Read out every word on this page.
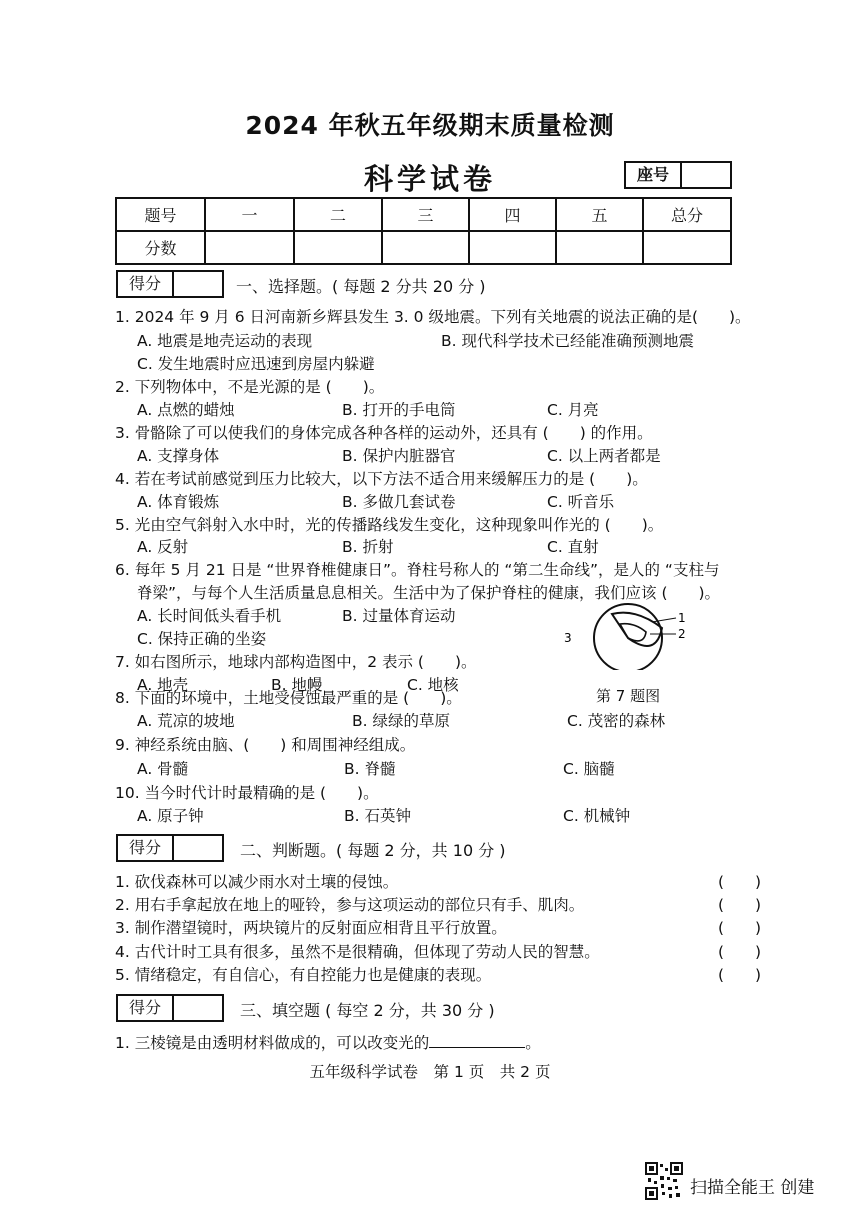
2024 年秋五年级期末质量检测
科学试卷	座号
题号	一	二	三	四	五	总分
分数						
得分	一、选择题。( 每题 2 分共 20 分 )
1. 2024 年 9 月 6 日河南新乡辉县发生 3. 0 级地震。下列有关地震的说法正确的是(　　)。
A. 地震是地壳运动的表现	B. 现代科学技术已经能准确预测地震
C. 发生地震时应迅速到房屋内躲避
2. 下列物体中，不是光源的是 (　　)。
A. 点燃的蜡烛	B. 打开的手电筒	C. 月亮
3. 骨骼除了可以使我们的身体完成各种各样的运动外，还具有 (　　) 的作用。
A. 支撑身体	B. 保护内脏器官	C. 以上两者都是
4. 若在考试前感觉到压力比较大，以下方法不适合用来缓解压力的是 (　　)。
A. 体育锻炼	B. 多做几套试卷	C. 听音乐
5. 光由空气斜射入水中时，光的传播路线发生变化，这种现象叫作光的 (　　)。
A. 反射	B. 折射	C. 直射
6. 每年 5 月 21 日是 “世界脊椎健康日”。脊柱号称人的 “第二生命线”，是人的 “支柱与
脊梁”，与每个人生活质量息息相关。生活中为了保护脊柱的健康，我们应该 (　　)。
A. 长时间低头看手机	B. 过量体育运动
C. 保持正确的坐姿
7. 如右图所示，地球内部构造图中，2 表示 (　　)。
A. 地壳	B. 地幔	C. 地核
1
2
3
第 7 题图
8. 下面的环境中，土地受侵蚀最严重的是 (　　)。
A. 荒凉的坡地	B. 绿绿的草原	C. 茂密的森林
9. 神经系统由脑、(　　) 和周围神经组成。
A. 骨髓	B. 脊髓	C. 脑髓
10. 当今时代计时最精确的是 (　　)。
A. 原子钟	B. 石英钟	C. 机械钟
得分	二、判断题。( 每题 2 分，共 10 分 )
1. 砍伐森林可以减少雨水对土壤的侵蚀。	(　　)
2. 用右手拿起放在地上的哑铃，参与这项运动的部位只有手、肌肉。	(　　)
3. 制作潜望镜时，两块镜片的反射面应相背且平行放置。	(　　)
4. 古代计时工具有很多，虽然不是很精确，但体现了劳动人民的智慧。	(　　)
5. 情绪稳定，有自信心，有自控能力也是健康的表现。	(　　)
得分	三、填空题 ( 每空 2 分，共 30 分 )
1. 三棱镜是由透明材料做成的，可以改变光的	。
五年级科学试卷　第 1 页　共 2 页
扫描全能王 创建
